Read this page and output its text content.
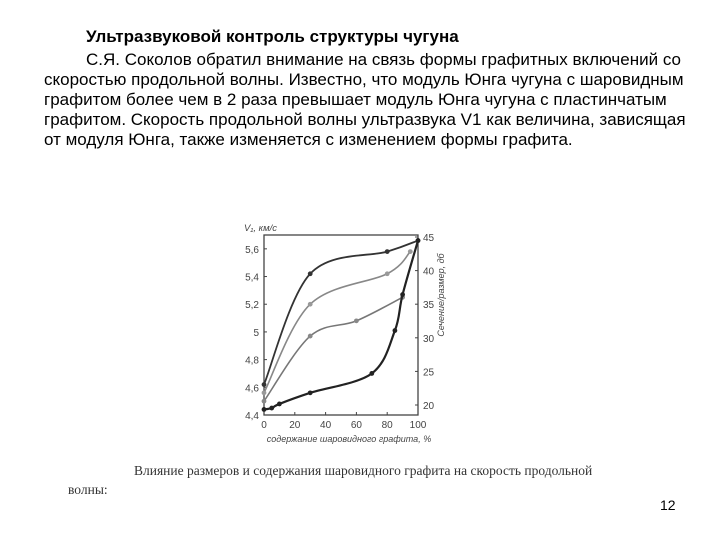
Ультразвуковой контроль структуры чугуна

С.Я. Соколов обратил внимание на связь формы графитных включений со скоростью продольной волны. Известно, что модуль Юнга чугуна с шаровидным графитом более чем в 2 раза превышает модуль Юнга чугуна с пластинчатым графитом. Скорость продольной волны ультразвука V1 как величина, зависящая от модуля Юнга, также изменяется с изменением формы графита.

0 20 40 60 80 100
4,4
4,6
4,8
5
5,2
5,4
5,6
20
25
30
35
40
45
V₁, км/с
содержание шаровидного графита, %
Сечение/размер, дб

Влияние размеров и содержания шаровидного графита на скорость продольной волны:

12
